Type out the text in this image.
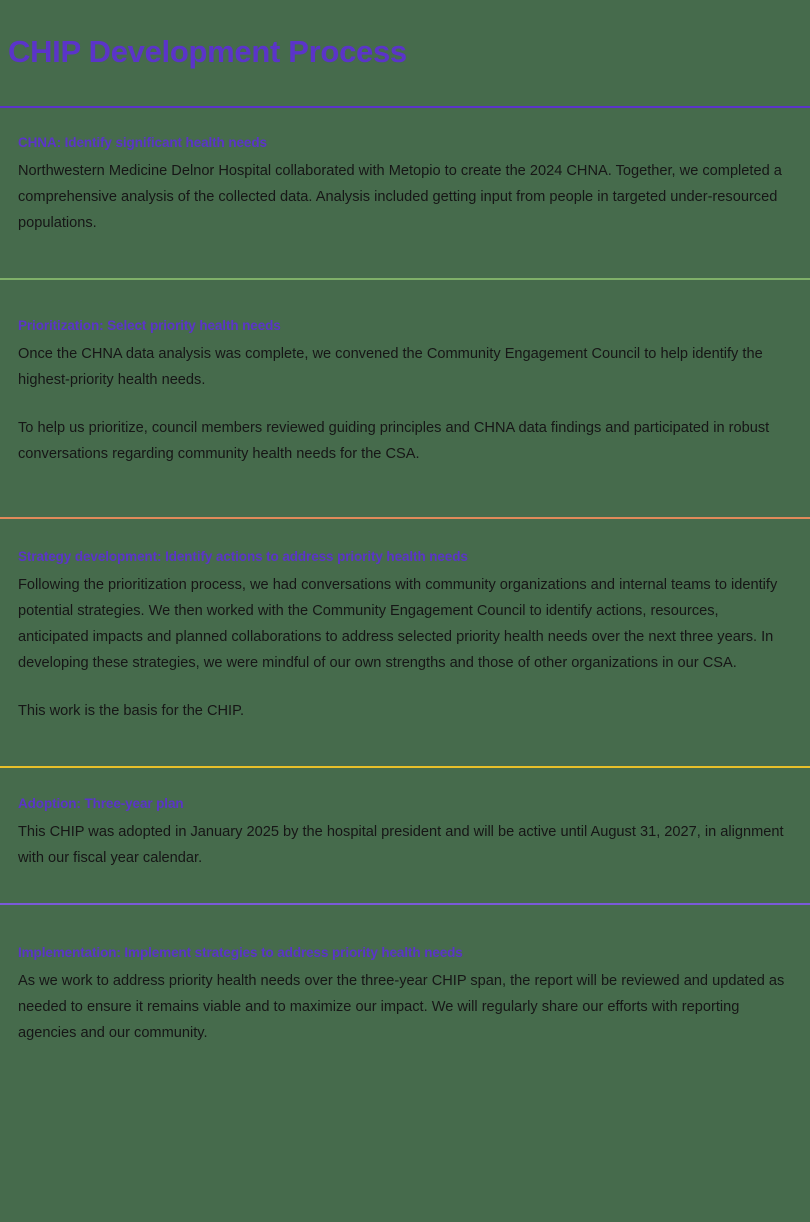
CHIP Development Process
CHNA: Identify significant health needs

Northwestern Medicine Delnor Hospital collaborated with Metopio to create the 2024 CHNA. Together, we completed a comprehensive analysis of the collected data. Analysis included getting input from people in targeted under-resourced populations.

Prioritization: Select priority health needs

Once the CHNA data analysis was complete, we convened the Community Engagement Council to help identify the highest-priority health needs.

To help us prioritize, council members reviewed guiding principles and CHNA data findings and participated in robust conversations regarding community health needs for the CSA.

Strategy development: Identify actions to address priority health needs

Following the prioritization process, we had conversations with community organizations and internal teams to identify potential strategies. We then worked with the Community Engagement Council to identify actions, resources, anticipated impacts and planned collaborations to address selected priority health needs over the next three years. In developing these strategies, we were mindful of our own strengths and those of other organizations in our CSA.

This work is the basis for the CHIP.

Adoption: Three-year plan

This CHIP was adopted in January 2025 by the hospital president and will be active until August 31, 2027, in alignment with our fiscal year calendar.

Implementation: Implement strategies to address priority health needs

As we work to address priority health needs over the three-year CHIP span, the report will be reviewed and updated as needed to ensure it remains viable and to maximize our impact. We will regularly share our efforts with reporting agencies and our community.
